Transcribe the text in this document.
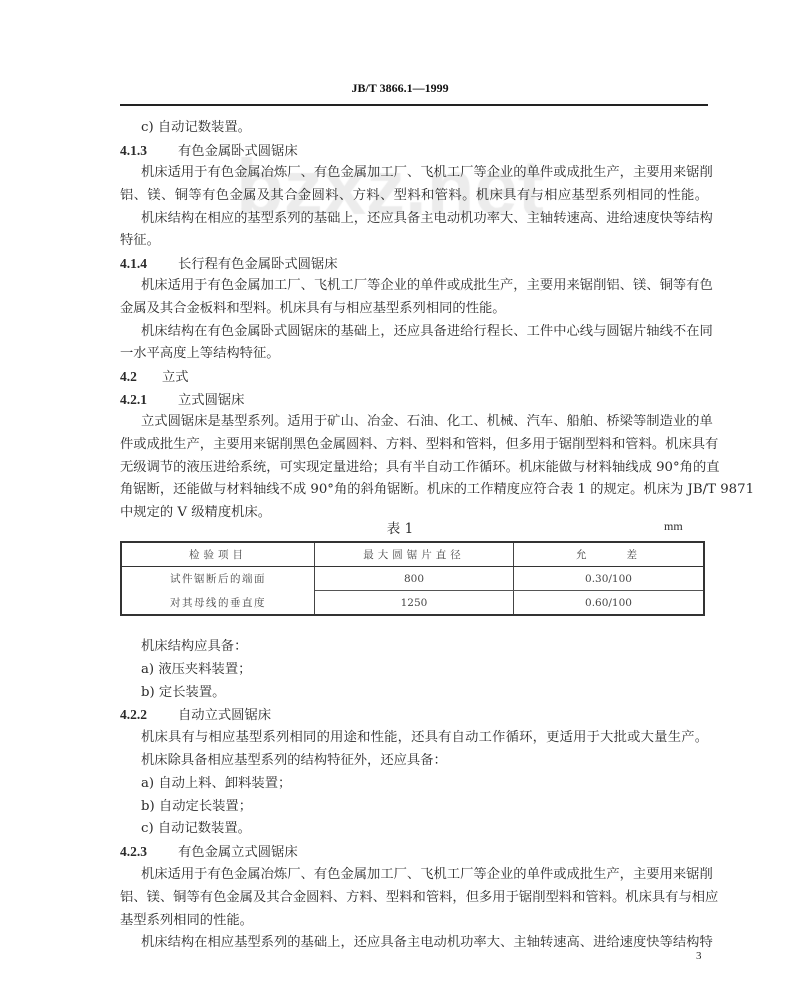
JB/T 3866.1—1999
c) 自动记数装置。
4.1.3 有色金属卧式圆锯床
机床适用于有色金属冶炼厂、有色金属加工厂、飞机工厂等企业的单件或成批生产，主要用来锯削
铝、镁、铜等有色金属及其合金圆料、方料、型料和管料。机床具有与相应基型系列相同的性能。
机床结构在相应的基型系列的基础上，还应具备主电动机功率大、主轴转速高、进给速度快等结构
特征。
4.1.4 长行程有色金属卧式圆锯床
机床适用于有色金属加工厂、飞机工厂等企业的单件或成批生产，主要用来锯削铝、镁、铜等有色
金属及其合金板料和型料。机床具有与相应基型系列相同的性能。
机床结构在有色金属卧式圆锯床的基础上，还应具备进给行程长、工件中心线与圆锯片轴线不在同
一水平高度上等结构特征。
4.2 立式
4.2.1 立式圆锯床
立式圆锯床是基型系列。适用于矿山、冶金、石油、化工、机械、汽车、船舶、桥梁等制造业的单
件或成批生产，主要用来锯削黑色金属圆料、方料、型料和管料，但多用于锯削型料和管料。机床具有
无级调节的液压进给系统，可实现定量进给；具有半自动工作循环。机床能做与材料轴线成 90°角的直
角锯断，还能做与材料轴线不成 90°角的斜角锯断。机床的工作精度应符合表 1 的规定。机床为 JB/T 9871
中规定的 V 级精度机床。
表 1	mm
检验项目	最大圆锯片直径	允差
试件锯断后的端面	800	0.30/100
对其母线的垂直度	1250	0.60/100
机床结构应具备：
a) 液压夹料装置；
b) 定长装置。
4.2.2 自动立式圆锯床
机床具有与相应基型系列相同的用途和性能，还具有自动工作循环，更适用于大批或大量生产。
机床除具备相应基型系列的结构特征外，还应具备：
a) 自动上料、卸料装置；
b) 自动定长装置；
c) 自动记数装置。
4.2.3 有色金属立式圆锯床
机床适用于有色金属冶炼厂、有色金属加工厂、飞机工厂等企业的单件或成批生产，主要用来锯削
铝、镁、铜等有色金属及其合金圆料、方料、型料和管料，但多用于锯削型料和管料。机床具有与相应
基型系列相同的性能。
机床结构在相应基型系列的基础上，还应具备主电动机功率大、主轴转速高、进给速度快等结构特
3
